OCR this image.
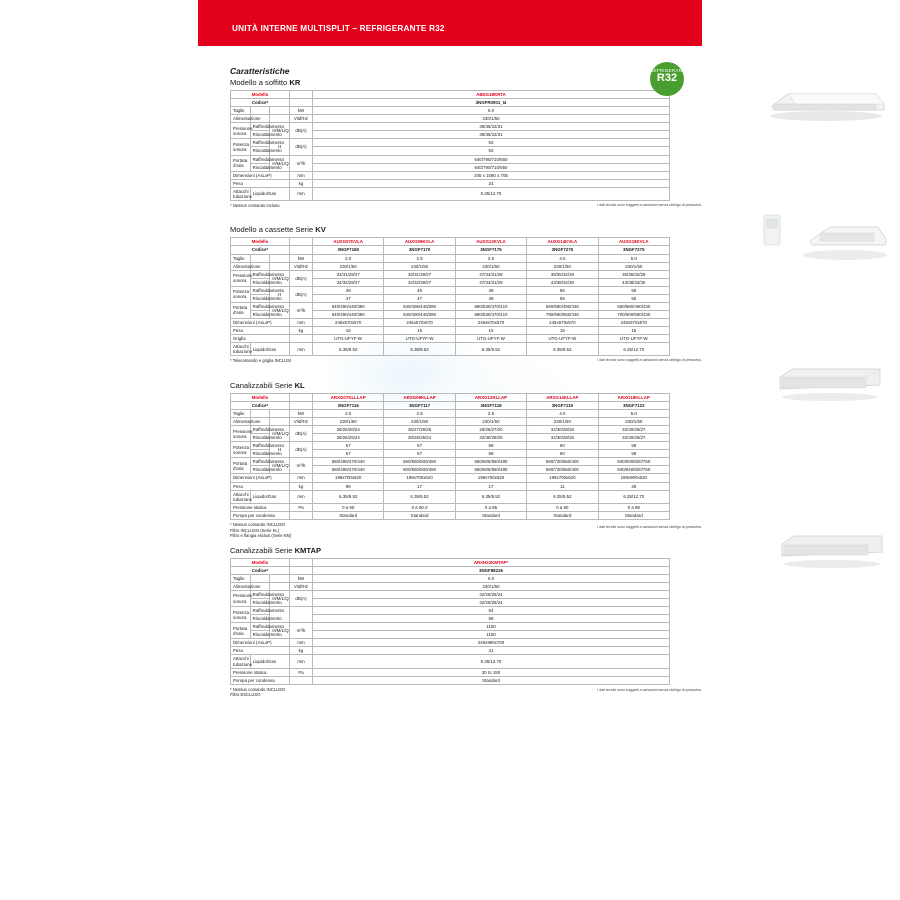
UNITÀ INTERNE MULTISPLIT – REFRIGERANTE R32
REFRIGERANTE
R32
Caratteristiche
Modello a soffitto KR
Modello				ABDG18KRTA
Codice*				3NGFR0001_I4
Taglie			kW	5.0
Alimentazione			V/Ø/Hz	230/1/50
Pressione sonora	Raffreddamento	H/M/L/Q	dB(A)	38/36/33/31
	Riscaldamento			38/36/33/31
Potenza sonora	Raffreddamento	H	dB(A)	53
	Riscaldamento			53
Portata d'aria	Raffreddamento	H/M/L/Q	m³/h	640/790/710/650
	Riscaldamento			640/790/710/650
Dimensioni (AxLxP)			mm	205 x 1080 x 705
Peso			kg	24
Attacchi tubazione	Liquido/Gas		mm	6.35/12.70
* Nessun comando incluso	I dati tecnici sono soggetti a variazioni senza obbligo di preavviso.
Modello a cassette Serie KV
Modello				AUXG07KVLA	AUXG09KVLA	AUXG12KVLA	AUXG14KVLA	AUXG18KVLA
Codice*				3NGF7165	3NGF7170	3NGF7175	3NGF7275	3NGF7275
Taglie			kW	2.0	2.5	3.5	4.0	5.0
Alimentazione			V/Ø/Hz	230/1/50	230/1/50	230/1/50	230/1/50	230/1/50
Pressione sonora	Raffreddamento	H/M/L/Q	dB(A)	33/31/29/27	33/31/29/27	37/34/31/28	39/35/32/29	36/35/32/29
	Riscaldamento			34/32/29/27	34/32/29/27	37/34/31/29	43/38/34/30	43/38/34/30
Potenza sonora	Raffreddamento	H	dB(A)	49	46	49	56	56
	Riscaldamento			47	47	49	55	55
Portata d'aria	Raffreddamento	H/M/L/Q	m³/h	540/490/440/390	540/495/440/390	690/530/470/410	660/580/490/430	660/580/490/430
	Riscaldamento			540/490/440/390	540/490/440/390	690/530/470/410	790/680/560/430	700/600/580/430
Dimensioni (AxLxP)			mm	245x570x570	245x570x570	245x570x570	245x570x570	245x570x570
Peso			kg	15	15	15	15	15
Griglia				UTG-UFYF-W	UTG-UFYF-W	UTG-UFYF-W	UTG-UFYF-W	UTG-UFYF-W
Attacchi tubazione	Liquido/Gas		mm	6.35/9.52	6.35/9.52	6.35/9.52	6.35/9.52	6.35/12.70
* Telecomando e griglia INCLUSI	I dati tecnici sono soggetti a variazioni senza obbligo di preavviso.
Canalizzabili Serie KL
Modello				ARXG07KLLLAP	ARXG09KLLAP	ARXG12KLLAP	ARXG14KLLAP	ARXG18KLLAP
Codice*				3NGF7116	3NGF7117	3NGF7118	3NGF7119	3NGF7122
Taglie			kW	2.0	2.5	3.5	4.0	5.0
Alimentazione			V/Ø/Hz	230/1/50	230/1/50	230/1/50	230/1/50	230/1/50
Pressione sonora	Raffreddamento	H/M/L/Q	dB(A)	28/26/20/24	26/27/26/25	29/26/27/20	32/30/28/26	32/30/29/27
	Riscaldamento			28/26/25/24	28/26/25/24	32/30/28/25	32/30/28/25	32/30/29/27
Potenza sonora	Raffreddamento	H	dB(A)	57	57	58	60	58
	Riscaldamento			57	57	58	60	58
Portata d'aria	Raffreddamento	H/M/L/Q	m³/h	550/490/470/440	660/550/500/450	650/600/550/480	660/730/660/400	940/930/820/750
	Riscaldamento			560/490/470/440	600/550/500/450	650/600/550/480	660/730/660/400	940/940/820/750
Dimensioni (AxLxP)			mm	199x700x620	199x700x620	199x700x620	199x700x620	199x900x620
Peso			kg	99	17	17	11	28
Attacchi tubazione	Liquido/Gas		mm	6.35/9.52	6.35/9.52	6.35/9.52	6.35/9.52	6.35/12.70
Pressione statica			Pa	0 a 90	0 a 90.0	0 a 95	0 a 90	0 a 98
Pompa per condensa				Standard	Standard	Standard	Standard	Standard
* Nessun comando INCLUSO
Filtro INCLUSO (Serie KL)
Filtro e flangia esclusi (Serie KM)
I dati tecnici sono soggetti a variazioni senza obbligo di preavviso.
Canalizzabili Serie KMTAP
Modello				ARXH22KMTAP*
Codice*				3NGF88226
Taglie			kW	6.0
Alimentazione			V/Ø/Hz	230/1/50
Pressione sonora	Raffreddamento	H/M/L/Q	dB(A)	32/26/25/24
	Riscaldamento			32/26/25/24
Potenza sonora	Raffreddamento			54
	Riscaldamento			58
Portata d'aria	Raffreddamento	H/M/L/Q	m³/h	1150
	Riscaldamento			1150
Dimensioni (AxLxP)			mm	240x990x700
Peso			kg	31
Attacchi tubazione	Liquido/Gas		mm	6.35/12.70
Pressione statica			Pa	30 to 150
Pompa per condensa				Standard
* Nessun comando INCLUSO
Filtro ESCLUSO
I dati tecnici sono soggetti a variazioni senza obbligo di preavviso.
